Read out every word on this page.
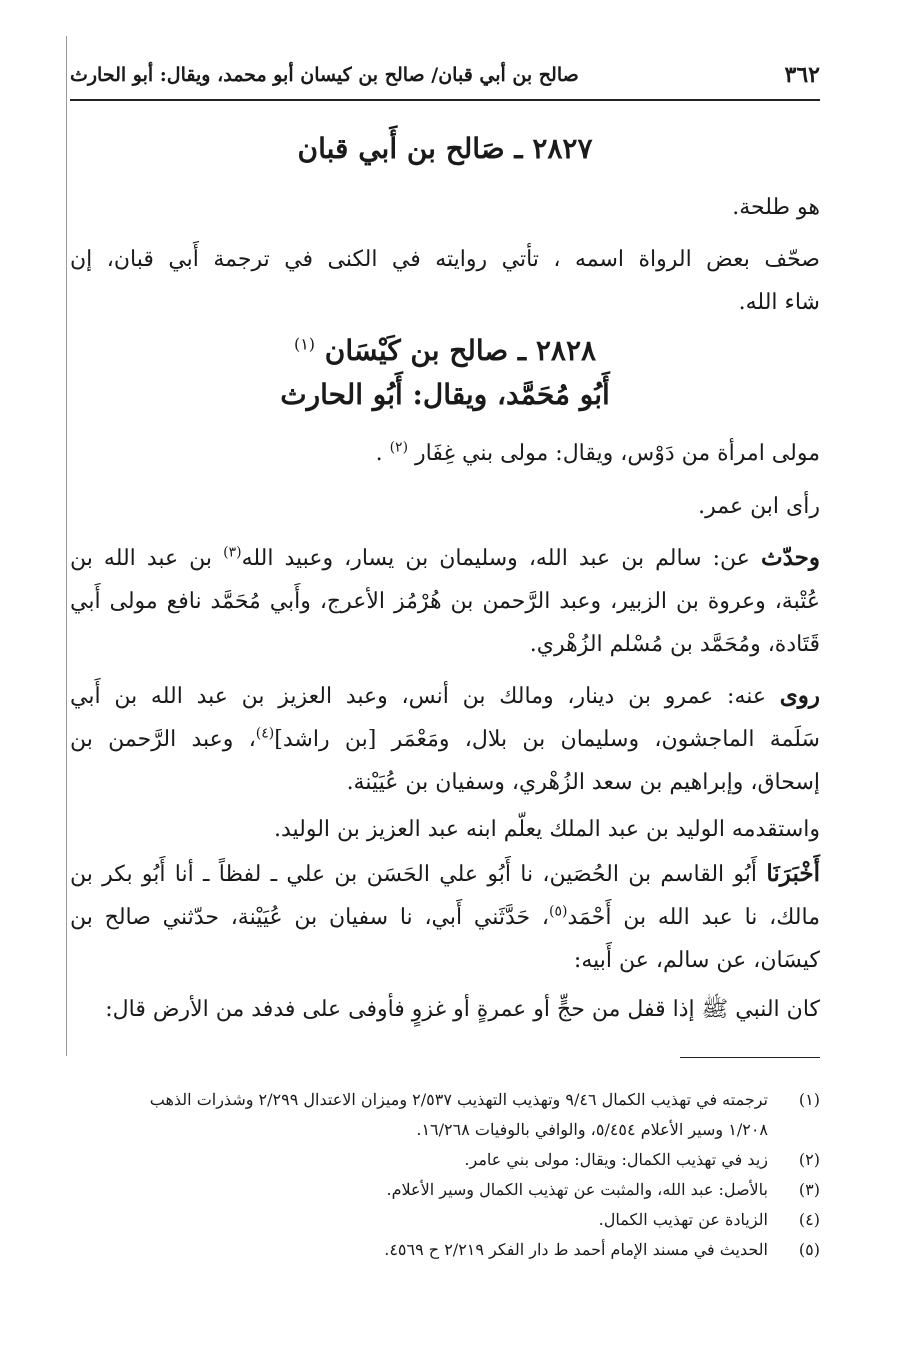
٣٦٢
صالح بن أبي قبان/ صالح بن كيسان أبو محمد، ويقال: أبو الحارث
٢٨٢٧ ـ صَالح بن أَبي قبان
هو طلحة.
صحّف بعض الرواة اسمه ، تأتي روايته في الكنى في ترجمة أَبي قبان، إن
شاء الله.
٢٨٢٨ ـ صالح بن كَيْسَان $^{(١)}$
أَبُو مُحَمَّد، ويقال: أَبُو الحارث
مولى امرأة من دَوْس، ويقال: مولى بني غِفَار $^{(٢)}$ .
رأى ابن عمر.
وحدّث عن: سالم بن عبد الله، وسليمان بن يسار، وعبيد الله$^{(٣)}$ بن عبد الله بن
عُتْبة، وعروة بن الزبير، وعبد الرَّحمن بن هُرْمُز الأعرج، وأَبي مُحَمَّد نافع مولى أَبي
قَتَادة، ومُحَمَّد بن مُسْلم الزُهْري.
روى عنه: عمرو بن دينار، ومالك بن أنس، وعبد العزيز بن عبد الله بن أَبي
سَلَمة الماجشون، وسليمان بن بلال، ومَعْمَر [بن راشد]$^{(٤)}$، وعبد الرَّحمن بن
إسحاق، وإبراهيم بن سعد الزُهْري، وسفيان بن عُيَيْنة.
واستقدمه الوليد بن عبد الملك يعلّم ابنه عبد العزيز بن الوليد.
أَخْبَرَنَا أَبُو القاسم بن الحُصَين، نا أَبُو علي الحَسَن بن علي ـ لفظاً ـ أنا أَبُو بكر بن
مالك، نا عبد الله بن أَحْمَد$^{(٥)}$، حَدَّثَني أَبي، نا سفيان بن عُيَيْنة، حدّثني صالح بن
كيسَان، عن سالم، عن أَبيه:
كان النبي ﷺ إذا قفل من حجٍّ أو عمرةٍ أو غزوٍ فأوفى على فدفد من الأرض قال:
(١)
ترجمته في تهذيب الكمال ٩/٤٦ وتهذيب التهذيب ٢/٥٣٧ وميزان الاعتدال ٢/٢٩٩ وشذرات الذهب
١/٢٠٨ وسير الأعلام ٥/٤٥٤، والوافي بالوفيات ١٦/٢٦٨.
(٢)
زيد في تهذيب الكمال: ويقال: مولى بني عامر.
(٣)
بالأصل: عبد الله، والمثبت عن تهذيب الكمال وسير الأعلام.
(٤)
الزيادة عن تهذيب الكمال.
(٥)
الحديث في مسند الإمام أحمد ط دار الفكر ٢/٢١٩ ح ٤٥٦٩.
